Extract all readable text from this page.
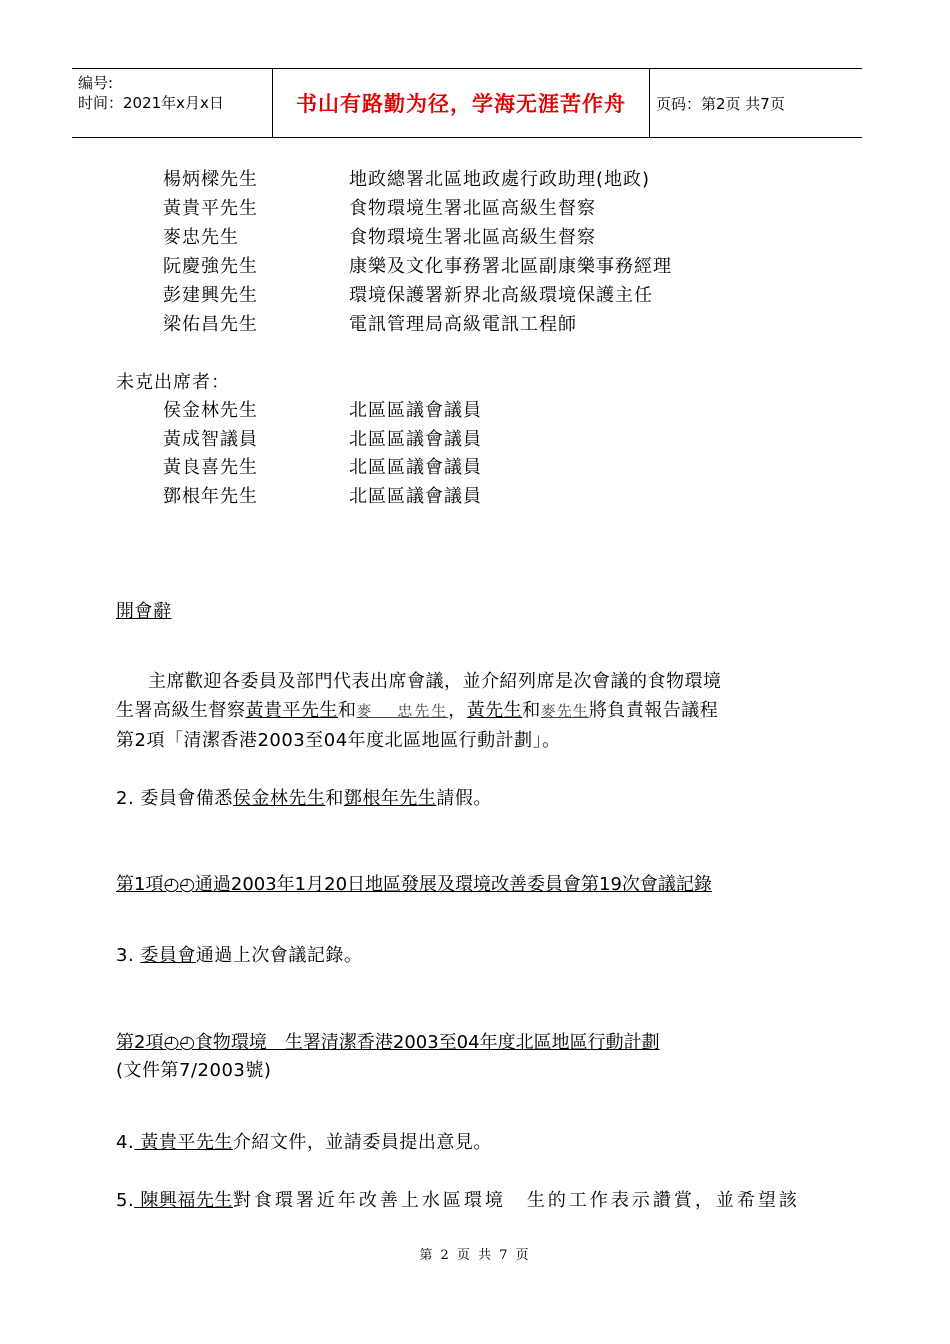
编号:
时间：2021年x月x日	书山有路勤为径，学海无涯苦作舟	页码：第2页 共7页
楊炳樑先生	地政總署北區地政處行政助理(地政)
黃貴平先生	食物環境生署北區高級生督察
麥忠先生	食物環境生署北區高級生督察
阮慶強先生	康樂及文化事務署北區副康樂事務經理
彭建興先生	環境保護署新界北高級環境保護主任
梁佑昌先生	電訊管理局高級電訊工程師
未克出席者：
侯金林先生	北區區議會議員
黃成智議員	北區區議會議員
黃良喜先生	北區區議會議員
鄧根年先生	北區區議會議員
開會辭
主席歡迎各委員及部門代表出席會議，並介紹列席是次會議的食物環境
生署高級生督察黃貴平先生和麥　 忠先生，黃先生和麥先生將負責報告議程
第2項「清潔香港2003至04年度北區地區行動計劃」。
2. 委員會備悉侯金林先生和鄧根年先生請假。
第1項◴◴通過2003年1月20日地區發展及環境改善委員會第19次會議記錄
3. 委員會通過上次會議記錄。
第2項◴◴食物環境　生署清潔香港2003至04年度北區地區行動計劃
(文件第7/2003號)
4. 黃貴平先生介紹文件，並請委員提出意見。
5. 陳興福先生對食環署近年改善上水區環境　生的工作表示讚賞，並希望該
第 2 页 共 7 页
